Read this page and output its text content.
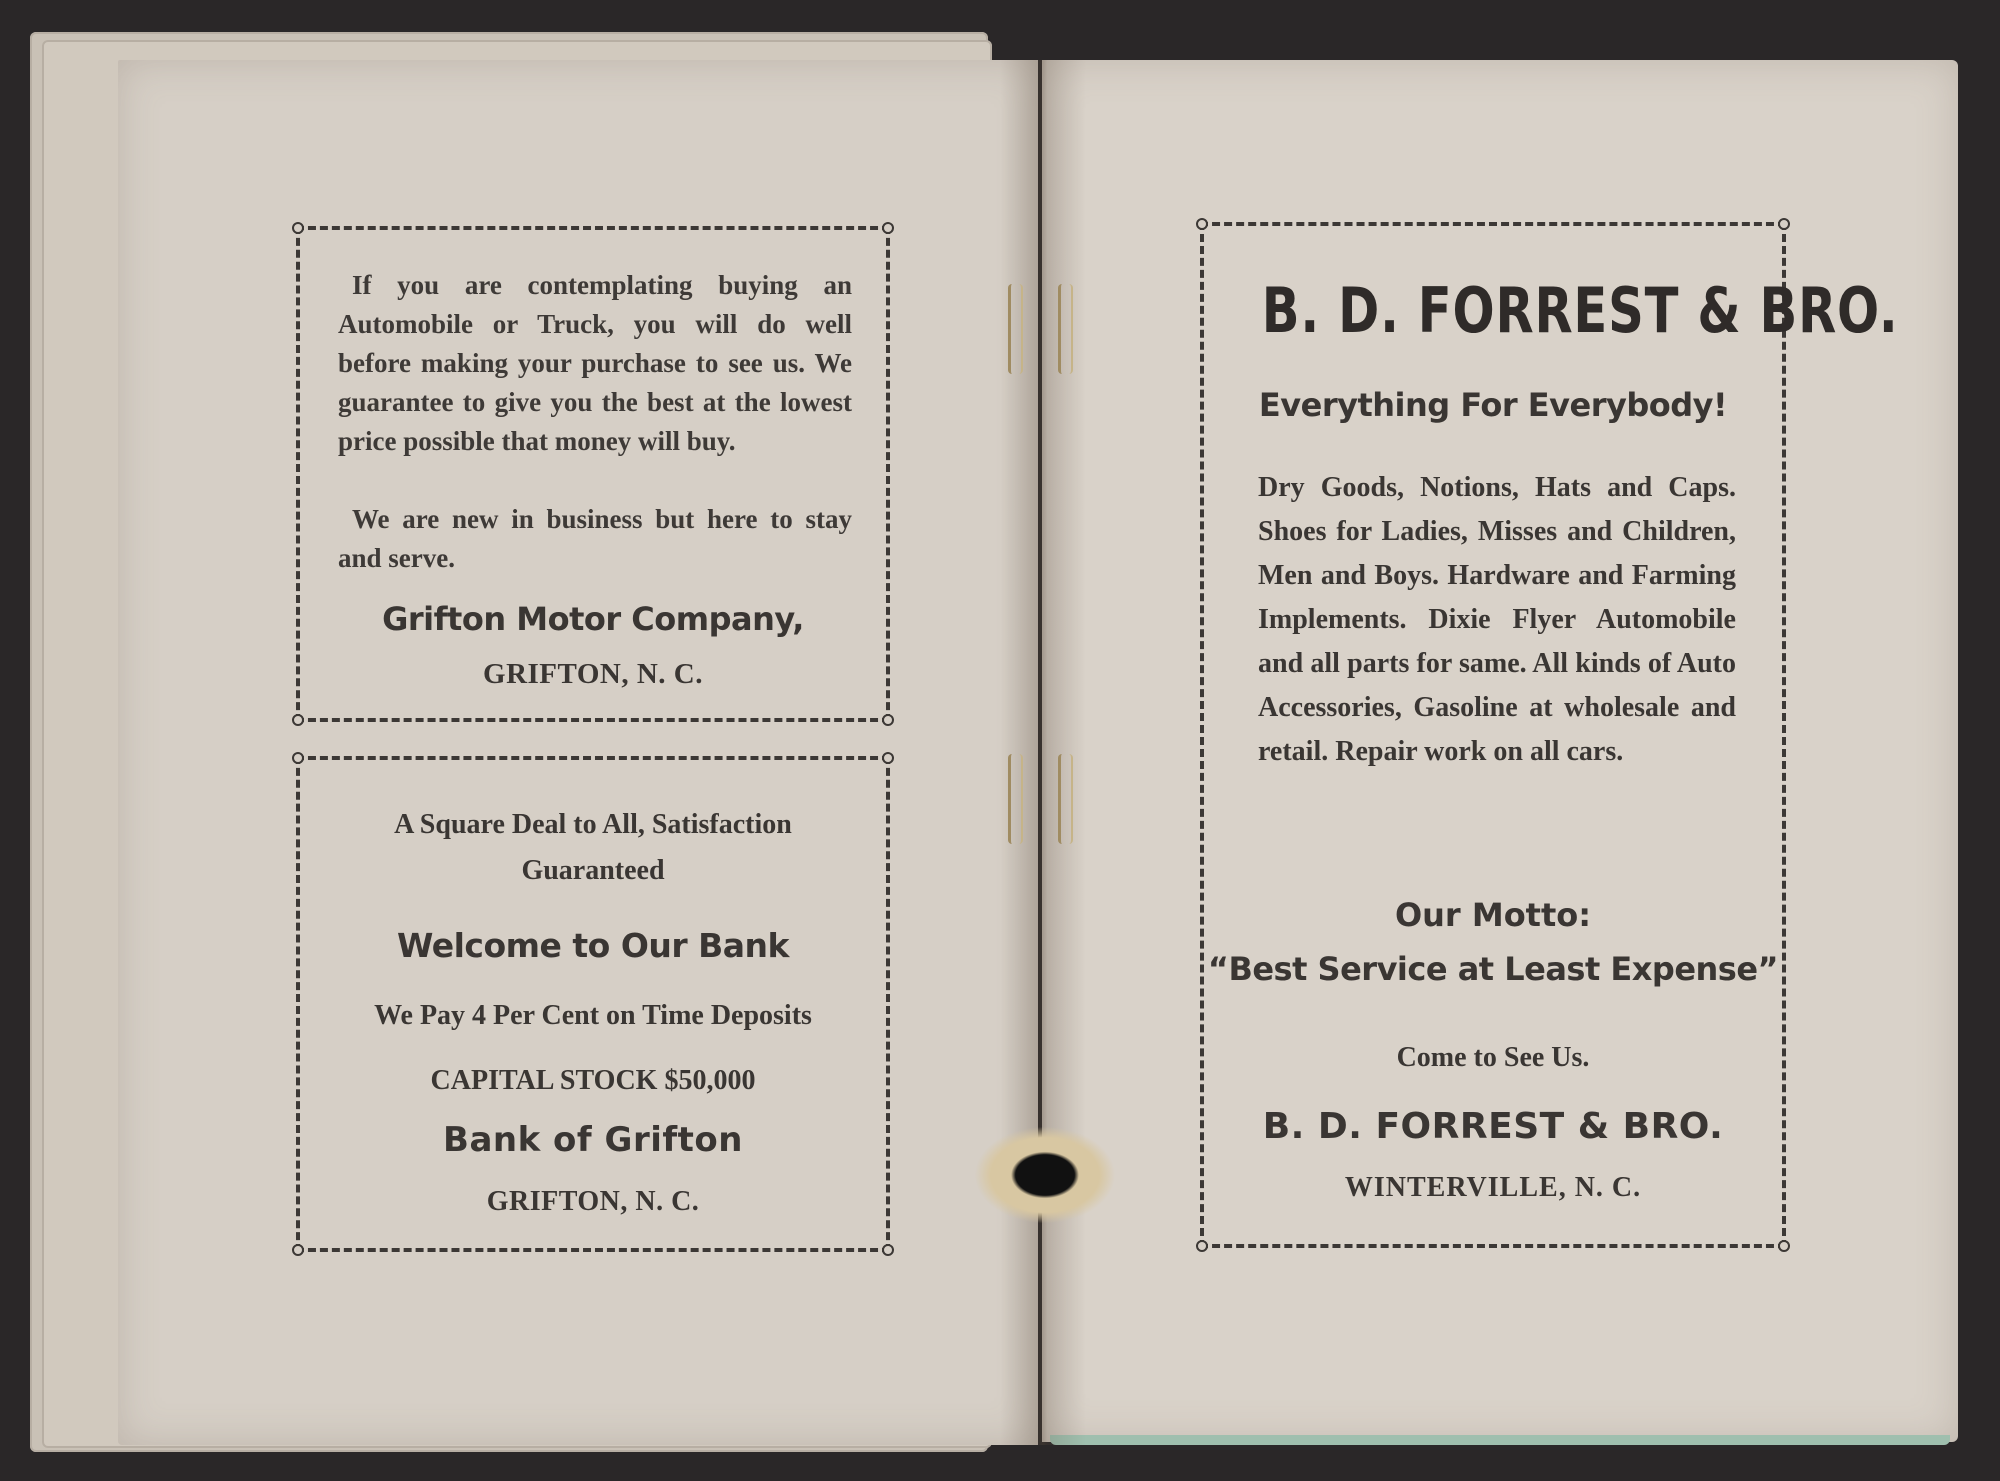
If you are contemplating buying an Automobile or Truck, you will do well before making your purchase to see us. We guarantee to give you the best at the lowest price possible that money will buy.
We are new in business but here to stay and serve.
Grifton Motor Company,
GRIFTON, N. C.
A Square Deal to All, Satisfaction Guaranteed
Welcome to Our Bank
We Pay 4 Per Cent on Time Deposits
CAPITAL STOCK $50,000
Bank of Grifton
GRIFTON, N. C.
B. D. FORREST & BRO.
Everything For Everybody!
Dry Goods, Notions, Hats and Caps. Shoes for Ladies, Misses and Children, Men and Boys. Hardware and Farming Implements. Dixie Flyer Automobile and all parts for same. All kinds of Auto Accessories, Gasoline at wholesale and retail. Repair work on all cars.
Our Motto:
“Best Service at Least Expense”
Come to See Us.
B. D. FORREST & BRO.
WINTERVILLE, N. C.
